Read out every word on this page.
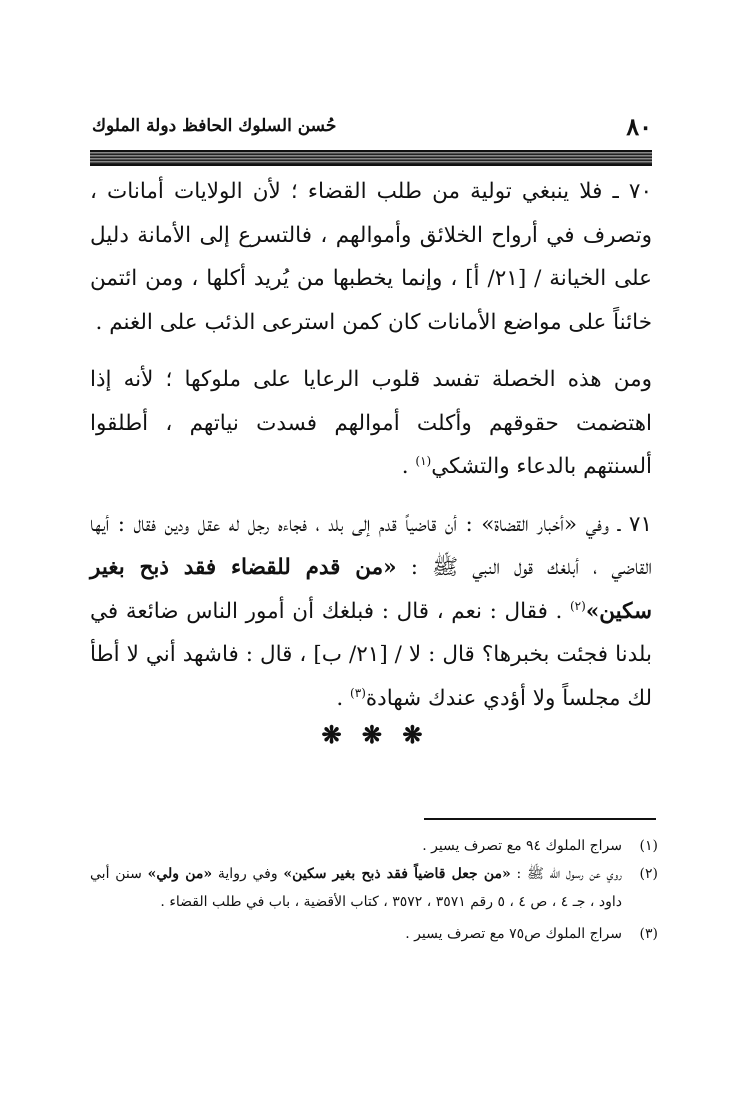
٨٠
حُسن السلوك الحافظ دولة الملوك

٧٠ ـ فلا ينبغي تولية من طلب القضاء ؛ لأن الولايات أمانات ، وتصرف في أرواح الخلائق وأموالهم ، فالتسرع إلى الأمانة دليل على الخيانة / [٢١/ أ] ، وإنما يخطبها من يُريد أكلها ، ومن ائتمن خائناً على مواضع الأمانات كان كمن استرعى الذئب على الغنم .

ومن هذه الخصلة تفسد قلوب الرعايا على ملوكها ؛ لأنه إذا اهتضمت حقوقهم وأكلت أموالهم فسدت نياتهم ، أطلقوا ألسنتهم بالدعاء والتشكي$^{(١)}$ .

٧١ ـ وفي «أخبار القضاة» : أن قاضياً قدم إلى بلد ، فجاءه رجل له عقل ودين فقال : أيها القاضي ، أبلغك قول النبي ﷺ : «من قدم للقضاء فقد ذبح بغير سكين»$^{(٢)}$ . فقال : نعم ، قال : فبلغك أن أمور الناس ضائعة في بلدنا فجئت بخبرها؟ قال : لا / [٢١/ ب] ، قال : فاشهد أني لا أطأ لك مجلساً ولا أؤدي عندك شهادة$^{(٣)}$ .

❋ ❋ ❋

(١)
سراج الملوك ٩٤ مع تصرف يسير .

(٢)
روي عن رسول الله ﷺ : «من جعل قاضياً فقد ذبح بغير سكين» وفي رواية «من ولي» سنن أبي داود ، جـ ٤ ، ص ٤ ، ٥ رقم ٣٥٧١ ، ٣٥٧٢ ، كتاب الأقضية ، باب في طلب القضاء .

(٣)
سراج الملوك ص٧٥ مع تصرف يسير .
